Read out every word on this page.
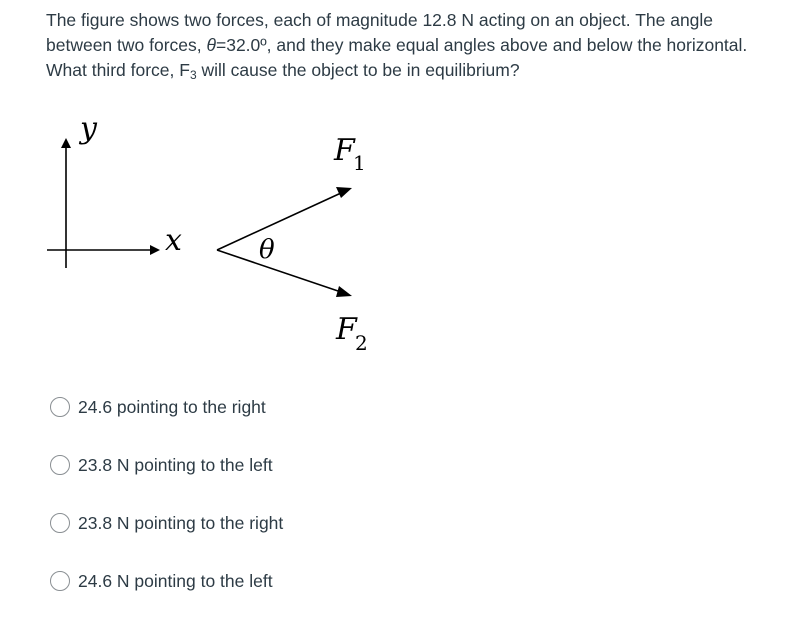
The figure shows two forces, each of magnitude 12.8 N acting on an object. The angle between two forces, θ=32.0º, and they make equal angles above and below the horizontal. What third force, $F_3$ will cause the object to be in equilibrium?
y
x	θ
F
1
F
2
24.6 pointing to the right
23.8 N pointing to the left
23.8 N pointing to the right
24.6 N pointing to the left
